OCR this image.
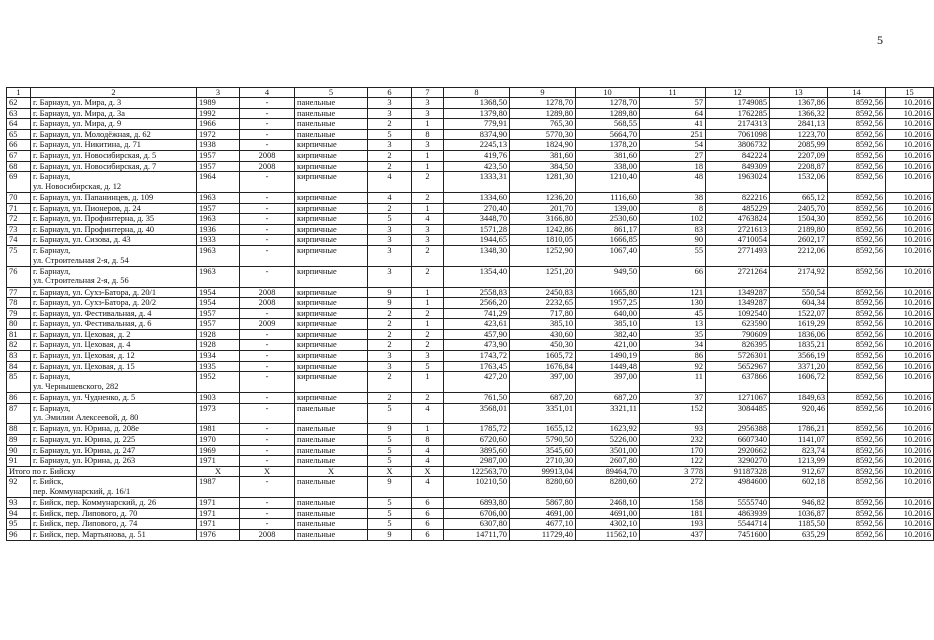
5
1	2	3	4	5	6	7	8	9	10	11	12	13	14	15
62	г. Барнаул, ул. Мира, д. 3	1989	-	панельные	3	3	1368,50	1278,70	1278,70	57	1749085	1367,86	8592,56	10.2016
63	г. Барнаул, ул. Мира, д. 3а	1992	-	панельные	3	3	1379,80	1289,80	1289,80	64	1762285	1366,32	8592,56	10.2016
64	г. Барнаул, ул. Мира, д. 9	1966	-	панельные	2	1	779,91	765,30	568,55	41	2174313	2841,13	8592,56	10.2016
65	г. Барнаул, ул. Молодёжная, д. 62	1972	-	панельные	5	8	8374,90	5770,30	5664,70	251	7061098	1223,70	8592,56	10.2016
66	г. Барнаул, ул. Никитина, д. 71	1938	-	кирпичные	3	3	2245,13	1824,90	1378,20	54	3806732	2085,99	8592,56	10.2016
67	г. Барнаул, ул. Новосибирская, д. 5	1957	2008	кирпичные	2	1	419,76	381,60	381,60	27	842224	2207,09	8592,56	10.2016
68	г. Барнаул, ул. Новосибирская, д. 7	1957	2008	кирпичные	2	1	423,50	384,50	338,00	18	849309	2208,87	8592,56	10.2016
69	г. Барнаул,
ул. Новосибирская, д. 12	1964	-	кирпичные	4	2	1333,31	1281,30	1210,40	48	1963024	1532,06	8592,56	10.2016
70	г. Барнаул, ул. Папанинцев, д. 109	1963	-	кирпичные	4	2	1334,60	1236,20	1116,60	38	822216	665,12	8592,56	10.2016
71	г. Барнаул, ул. Пионеров, д. 24	1957	-	кирпичные	2	1	270,40	201,70	139,00	8	485229	2405,70	8592,56	10.2016
72	г. Барнаул, ул. Профинтерна, д. 35	1963	-	кирпичные	5	4	3448,70	3166,80	2530,60	102	4763824	1504,30	8592,56	10.2016
73	г. Барнаул, ул. Профинтерна, д. 40	1936	-	кирпичные	3	3	1571,28	1242,86	861,17	83	2721613	2189,80	8592,56	10.2016
74	г. Барнаул, ул. Сизова, д. 43	1933	-	кирпичные	3	3	1944,65	1810,05	1666,85	90	4710054	2602,17	8592,56	10.2016
75	г. Барнаул,
ул. Строительная 2-я, д. 54	1963	-	кирпичные	3	2	1348,30	1252,90	1067,40	55	2771493	2212,06	8592,56	10.2016
76	г. Барнаул,
ул. Строительная 2-я, д. 56	1963	-	кирпичные	3	2	1354,40	1251,20	949,50	66	2721264	2174,92	8592,56	10.2016
77	г. Барнаул, ул. Сухэ-Батора, д. 20/1	1954	2008	кирпичные	9	1	2558,83	2450,83	1665,80	121	1349287	550,54	8592,56	10.2016
78	г. Барнаул, ул. Сухэ-Батора, д. 20/2	1954	2008	кирпичные	9	1	2566,20	2232,65	1957,25	130	1349287	604,34	8592,56	10.2016
79	г. Барнаул, ул. Фестивальная, д. 4	1957	-	кирпичные	2	2	741,29	717,80	640,00	45	1092540	1522,07	8592,56	10.2016
80	г. Барнаул, ул. Фестивальная, д. 6	1957	2009	кирпичные	2	1	423,61	385,10	385,10	13	623590	1619,29	8592,56	10.2016
81	г. Барнаул, ул. Цеховая, д. 2	1928	-	кирпичные	2	2	457,90	430,60	382,40	35	790609	1836,06	8592,56	10.2016
82	г. Барнаул, ул. Цеховая, д. 4	1928	-	кирпичные	2	2	473,90	450,30	421,00	34	826395	1835,21	8592,56	10.2016
83	г. Барнаул, ул. Цеховая, д. 12	1934	-	кирпичные	3	3	1743,72	1605,72	1490,19	86	5726301	3566,19	8592,56	10.2016
84	г. Барнаул, ул. Цеховая, д. 15	1935	-	кирпичные	3	5	1763,45	1676,84	1449,48	92	5652967	3371,20	8592,56	10.2016
85	г. Барнаул,
ул. Чернышевского, 282	1952	-	кирпичные	2	1	427,20	397,00	397,00	11	637866	1606,72	8592,56	10.2016
86	г. Барнаул, ул. Чудненко, д. 5	1903	-	кирпичные	2	2	761,50	687,20	687,20	37	1271067	1849,63	8592,56	10.2016
87	г. Барнаул,
ул. Эмилии Алексеевой, д. 80	1973	-	панельные	5	4	3568,01	3351,01	3321,11	152	3084485	920,46	8592,56	10.2016
88	г. Барнаул, ул. Юрина, д. 208е	1981	-	панельные	9	1	1785,72	1655,12	1623,92	93	2956388	1786,21	8592,56	10.2016
89	г. Барнаул, ул. Юрина, д. 225	1970	-	панельные	5	8	6720,60	5790,50	5226,00	232	6607340	1141,07	8592,56	10.2016
90	г. Барнаул, ул. Юрина, д. 247	1969	-	панельные	5	4	3895,60	3545,60	3501,00	170	2920662	823,74	8592,56	10.2016
91	г. Барнаул, ул. Юрина, д. 263	1971	-	панельные	5	4	2987,00	2710,30	2607,80	122	3290270	1213,99	8592,56	10.2016
Итого по г. Бийску		X	X	X	X	X	122563,70	99913,04	89464,70	3 778	91187328	912,67	8592,56	10.2016
92	г. Бийск,
пер. Коммунарский, д. 16/1	1987	-	панельные	9	4	10210,50	8280,60	8280,60	272	4984600	602,18	8592,56	10.2016
93	г. Бийск, пер. Коммунарский, д. 26	1971	-	панельные	5	6	6893,80	5867,80	2468,10	158	5555740	946,82	8592,56	10.2016
94	г. Бийск, пер. Липового, д. 70	1971	-	панельные	5	6	6706,00	4691,00	4691,00	181	4863939	1036,87	8592,56	10.2016
95	г. Бийск, пер. Липового, д. 74	1971	-	панельные	5	6	6307,80	4677,10	4302,10	193	5544714	1185,50	8592,56	10.2016
96	г. Бийск, пер. Мартьянова, д. 51	1976	2008	панельные	9	6	14711,70	11729,40	11562,10	437	7451600	635,29	8592,56	10.2016
